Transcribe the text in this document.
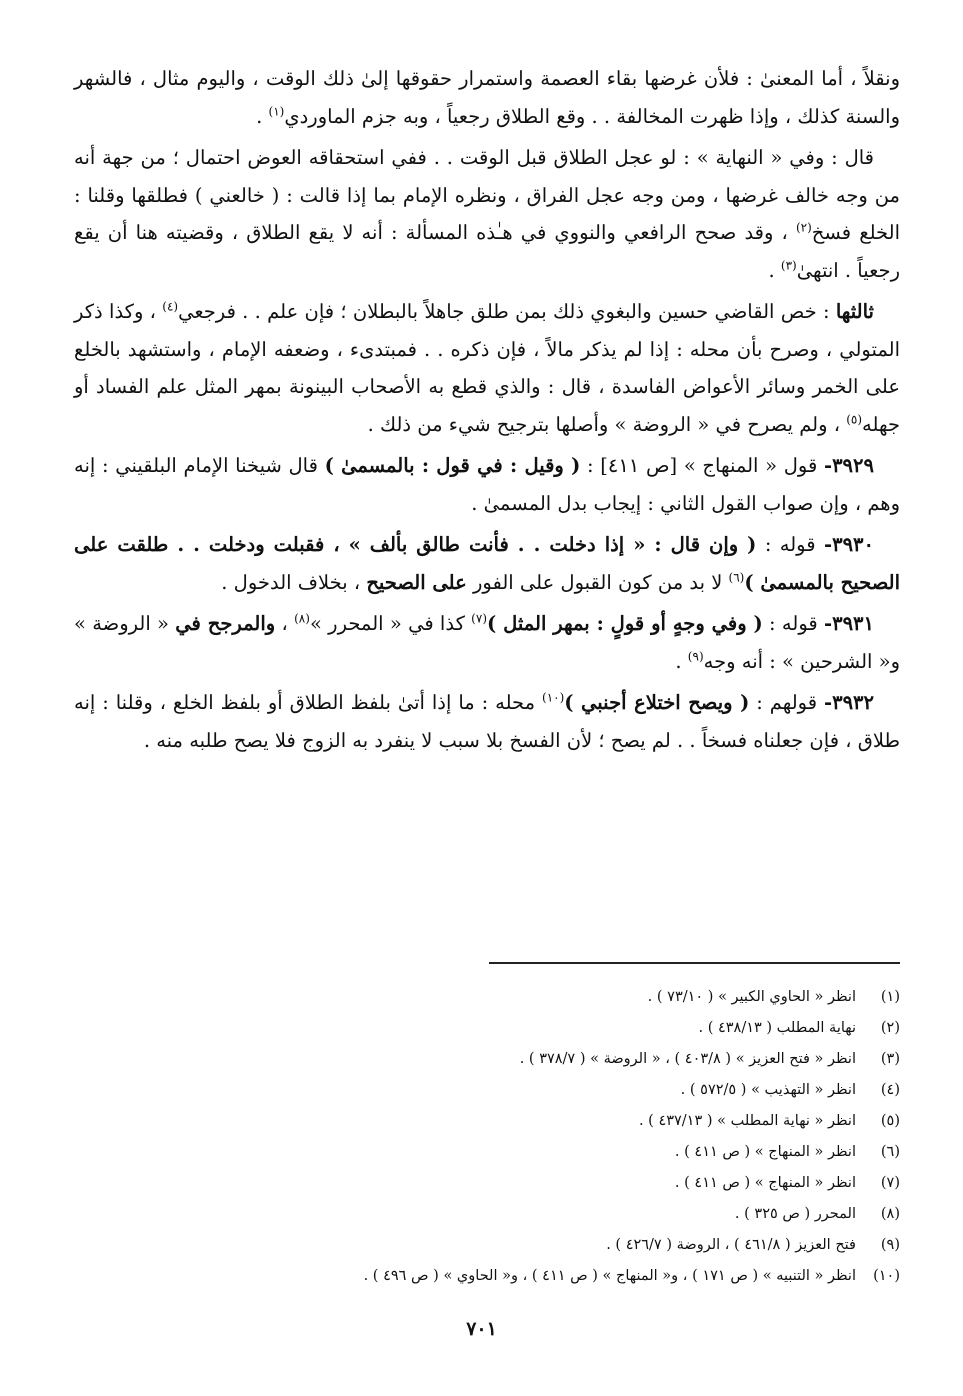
ونقلاً ، أما المعنىٰ : فلأن غرضها بقاء العصمة واستمرار حقوقها إلىٰ ذلك الوقت ، واليوم مثال ، فالشهر والسنة كذلك ، وإذا ظهرت المخالفة . . وقع الطلاق رجعياً ، وبه جزم الماوردي$^{(١)}$ .

قال : وفي « النهاية » : لو عجل الطلاق قبل الوقت . . ففي استحقاقه العوض احتمال ؛ من جهة أنه من وجه خالف غرضها ، ومن وجه عجل الفراق ، ونظره الإمام بما إذا قالت : ( خالعني ) فطلقها وقلنا : الخلع فسخ$^{(٢)}$ ، وقد صحح الرافعي والنووي في هـٰذه المسألة : أنه لا يقع الطلاق ، وقضيته هنا أن يقع رجعياً . انتهىٰ$^{(٣)}$ .

ثالثها : خص القاضي حسين والبغوي ذلك بمن طلق جاهلاً بالبطلان ؛ فإن علم . . فرجعي$^{(٤)}$ ، وكذا ذكر المتولي ، وصرح بأن محله : إذا لم يذكر مالاً ، فإن ذكره . . فمبتدىء ، وضعفه الإمام ، واستشهد بالخلع على الخمر وسائر الأعواض الفاسدة ، قال : والذي قطع به الأصحاب البينونة بمهر المثل علم الفساد أو جهله$^{(٥)}$ ، ولم يصرح في « الروضة » وأصلها بترجيح شيء من ذلك .

٣٩٢٩- قول « المنهاج » [ص ٤١١] : ( وقيل : في قول : بالمسمىٰ ) قال شيخنا الإمام البلقيني : إنه وهم ، وإن صواب القول الثاني : إيجاب بدل المسمىٰ .

٣٩٣٠- قوله : ( وإن قال : « إذا دخلت . . فأنت طالق بألف » ، فقبلت ودخلت . . طلقت على الصحيح بالمسمىٰ )$^{(٦)}$ لا بد من كون القبول على الفور على الصحيح ، بخلاف الدخول .

٣٩٣١- قوله : ( وفي وجهٍ أو قولٍ : بمهر المثل )$^{(٧)}$ كذا في « المحرر »$^{(٨)}$ ، والمرجح في « الروضة » و« الشرحين » : أنه وجه$^{(٩)}$ .

٣٩٣٢- قولهم : ( ويصح اختلاع أجنبي )$^{(١٠)}$ محله : ما إذا أتىٰ بلفظ الطلاق أو بلفظ الخلع ، وقلنا : إنه طلاق ، فإن جعلناه فسخاً . . لم يصح ؛ لأن الفسخ بلا سبب لا ينفرد به الزوج فلا يصح طلبه منه .

(١)انظر « الحاوي الكبير » ( ٧٣/١٠ ) .
(٢)نهاية المطلب ( ٤٣٨/١٣ ) .
(٣)انظر « فتح العزيز » ( ٤٠٣/٨ ) ، « الروضة » ( ٣٧٨/٧ ) .
(٤)انظر « التهذيب » ( ٥٧٢/٥ ) .
(٥)انظر « نهاية المطلب » ( ٤٣٧/١٣ ) .
(٦)انظر « المنهاج » ( ص ٤١١ ) .
(٧)انظر « المنهاج » ( ص ٤١١ ) .
(٨)المحرر ( ص ٣٢٥ ) .
(٩)فتح العزيز ( ٤٦١/٨ ) ، الروضة ( ٤٢٦/٧ ) .
(١٠)انظر « التنبيه » ( ص ١٧١ ) ، و« المنهاج » ( ص ٤١١ ) ، و« الحاوي » ( ص ٤٩٦ ) .
٧٠١
